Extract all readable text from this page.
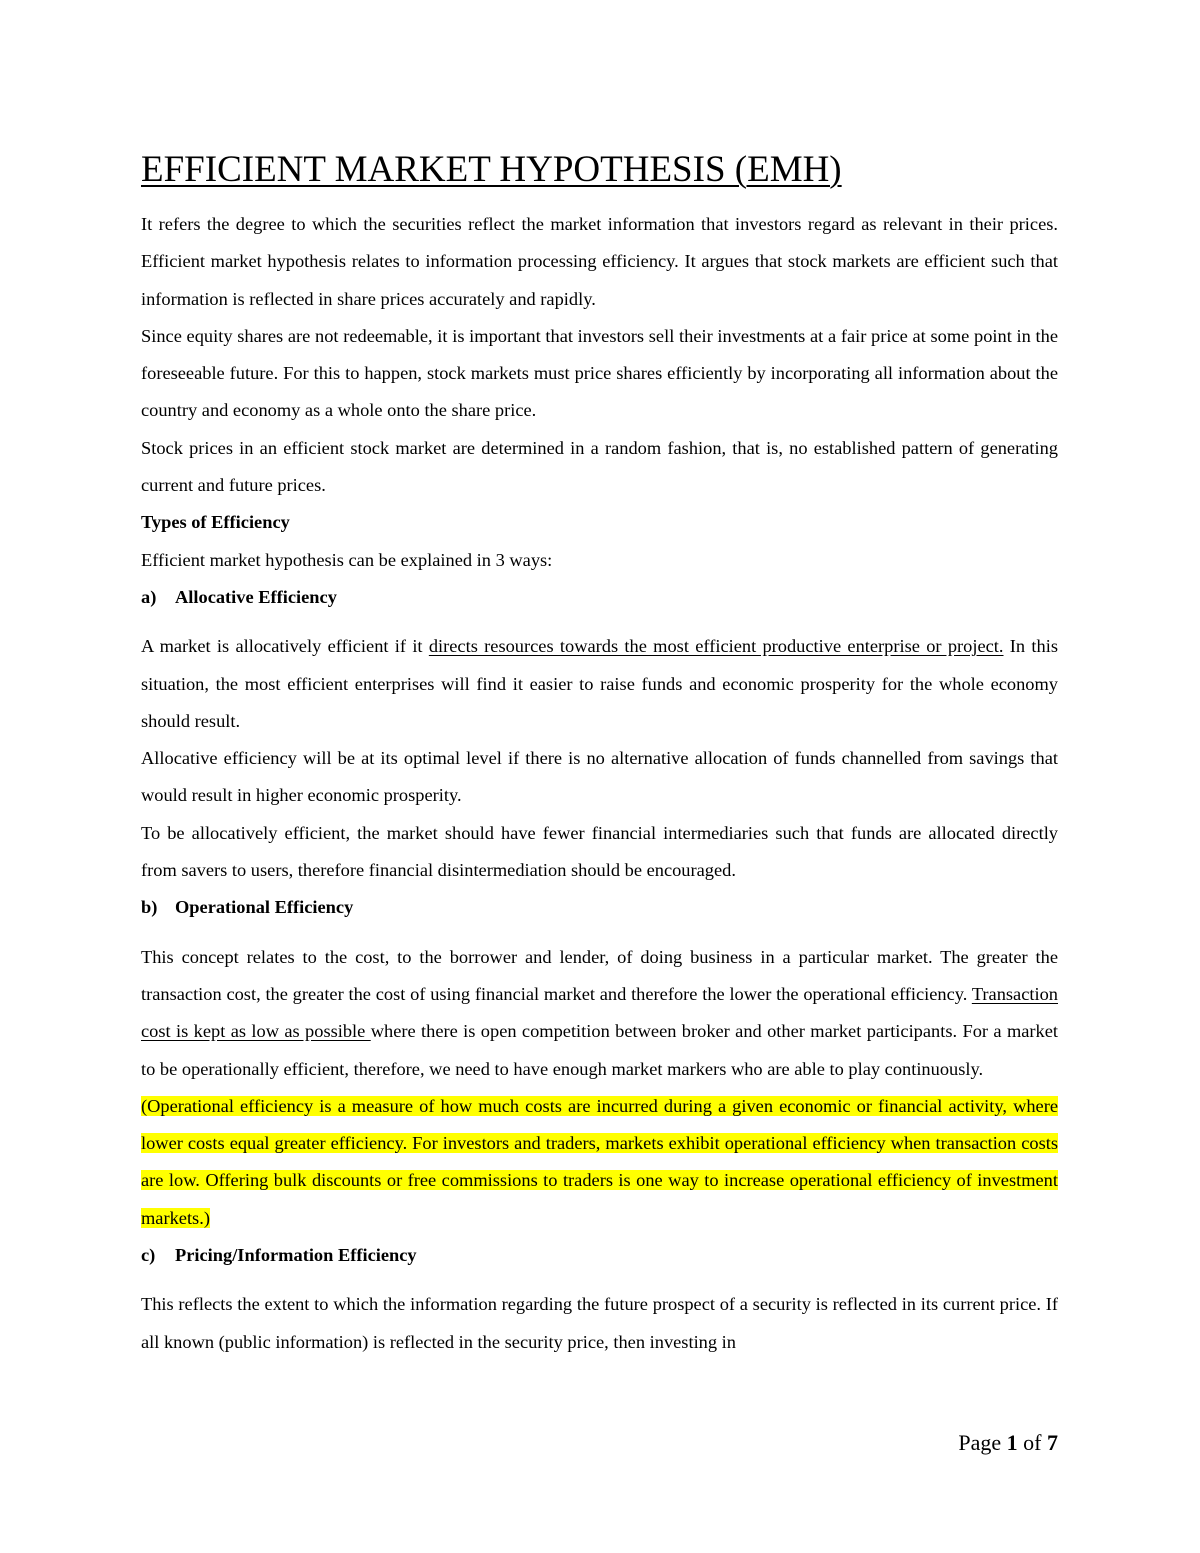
EFFICIENT MARKET HYPOTHESIS (EMH)

It refers the degree to which the securities reflect the market information that investors regard as relevant in their prices. Efficient market hypothesis relates to information processing efficiency. It argues that stock markets are efficient such that information is reflected in share prices accurately and rapidly.

Since equity shares are not redeemable, it is important that investors sell their investments at a fair price at some point in the foreseeable future. For this to happen, stock markets must price shares efficiently by incorporating all information about the country and economy as a whole onto the share price.

Stock prices in an efficient stock market are determined in a random fashion, that is, no established pattern of generating current and future prices.

Types of Efficiency

Efficient market hypothesis can be explained in 3 ways:

a) Allocative Efficiency

A market is allocatively efficient if it directs resources towards the most efficient productive enterprise or project. In this situation, the most efficient enterprises will find it easier to raise funds and economic prosperity for the whole economy should result.

Allocative efficiency will be at its optimal level if there is no alternative allocation of funds channelled from savings that would result in higher economic prosperity.

To be allocatively efficient, the market should have fewer financial intermediaries such that funds are allocated directly from savers to users, therefore financial disintermediation should be encouraged.

b) Operational Efficiency

This concept relates to the cost, to the borrower and lender, of doing business in a particular market. The greater the transaction cost, the greater the cost of using financial market and therefore the lower the operational efficiency. Transaction cost is kept as low as possible where there is open competition between broker and other market participants. For a market to be operationally efficient, therefore, we need to have enough market markers who are able to play continuously.

(Operational efficiency is a measure of how much costs are incurred during a given economic or financial activity, where lower costs equal greater efficiency. For investors and traders, markets exhibit operational efficiency when transaction costs are low. Offering bulk discounts or free commissions to traders is one way to increase operational efficiency of investment markets.)

c) Pricing/Information Efficiency

This reflects the extent to which the information regarding the future prospect of a security is reflected in its current price. If all known (public information) is reflected in the security price, then investing in

Page 1 of 7
